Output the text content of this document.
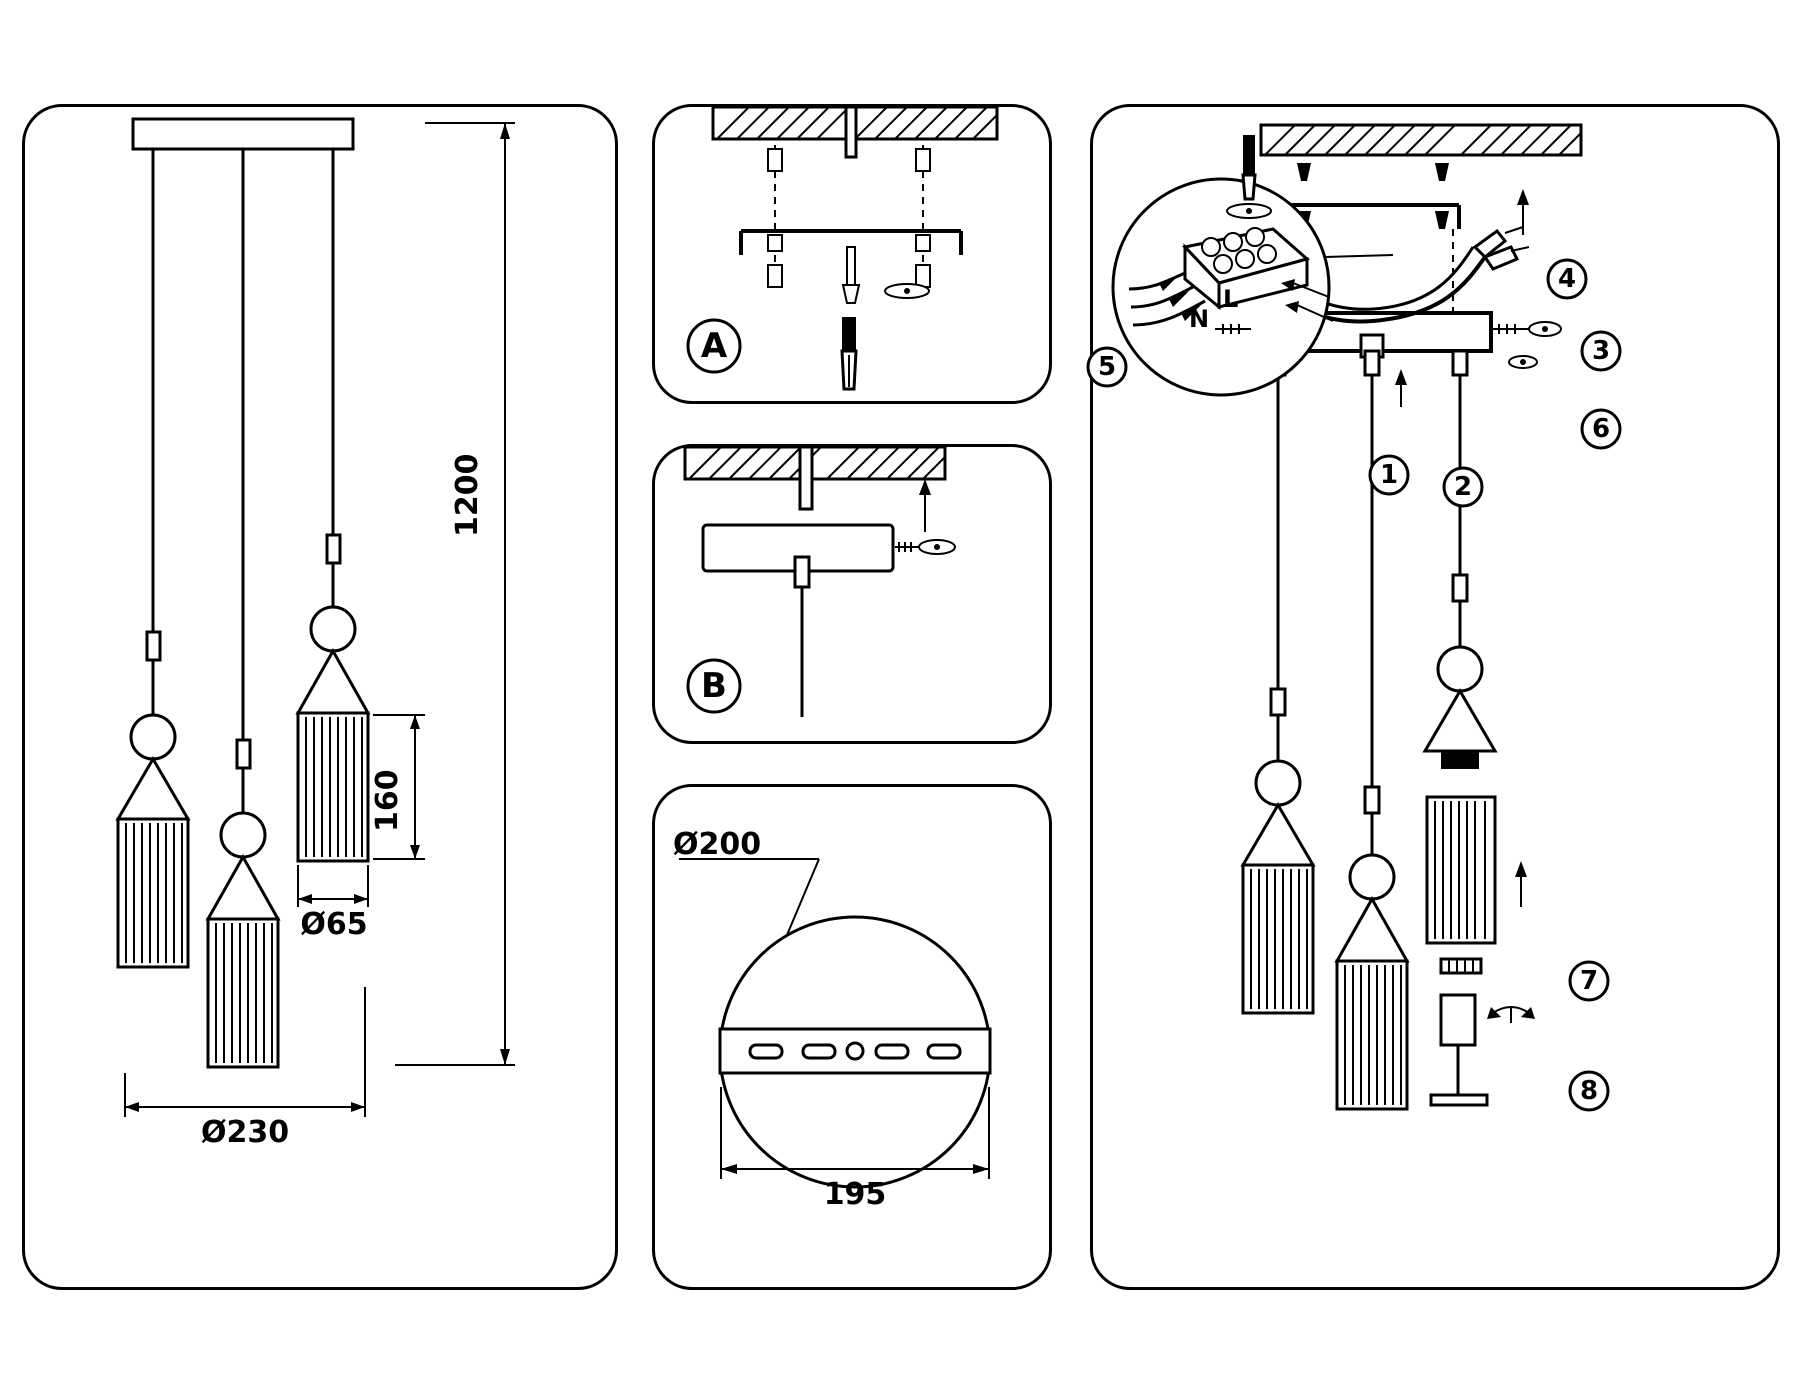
1200
160
Ø65
Ø230
A
B
Ø200
195
N
L
4
3
6
1 2
5
7
8
